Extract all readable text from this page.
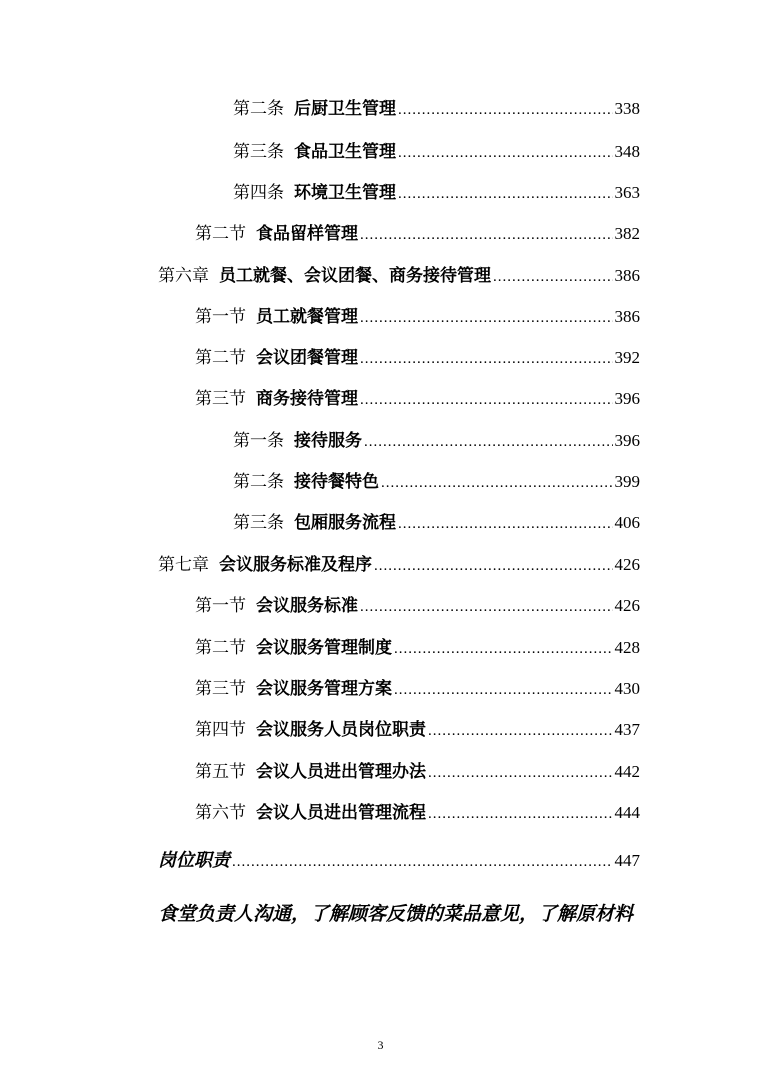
第二条 后厨卫生管理 .....	338
第三条 食品卫生管理 .....	348
第四条 环境卫生管理 .....	363
第二节 食品留样管理 .....	382
第六章 员工就餐、会议团餐、商务接待管理 .....	386
第一节 员工就餐管理 .....	386
第二节 会议团餐管理 .....	392
第三节 商务接待管理 .....	396
第一条 接待服务 .....	396
第二条 接待餐特色 .....	399
第三条 包厢服务流程 .....	406
第七章 会议服务标准及程序 .....	426
第一节 会议服务标准 .....	426
第二节 会议服务管理制度 .....	428
第三节 会议服务管理方案 .....	430
第四节 会议服务人员岗位职责 .....	437
第五节 会议人员进出管理办法 .....	442
第六节 会议人员进出管理流程 .....	444
岗位职责 .....	447
食堂负责人沟通，了解顾客反馈的菜品意见，了解原材料
3
